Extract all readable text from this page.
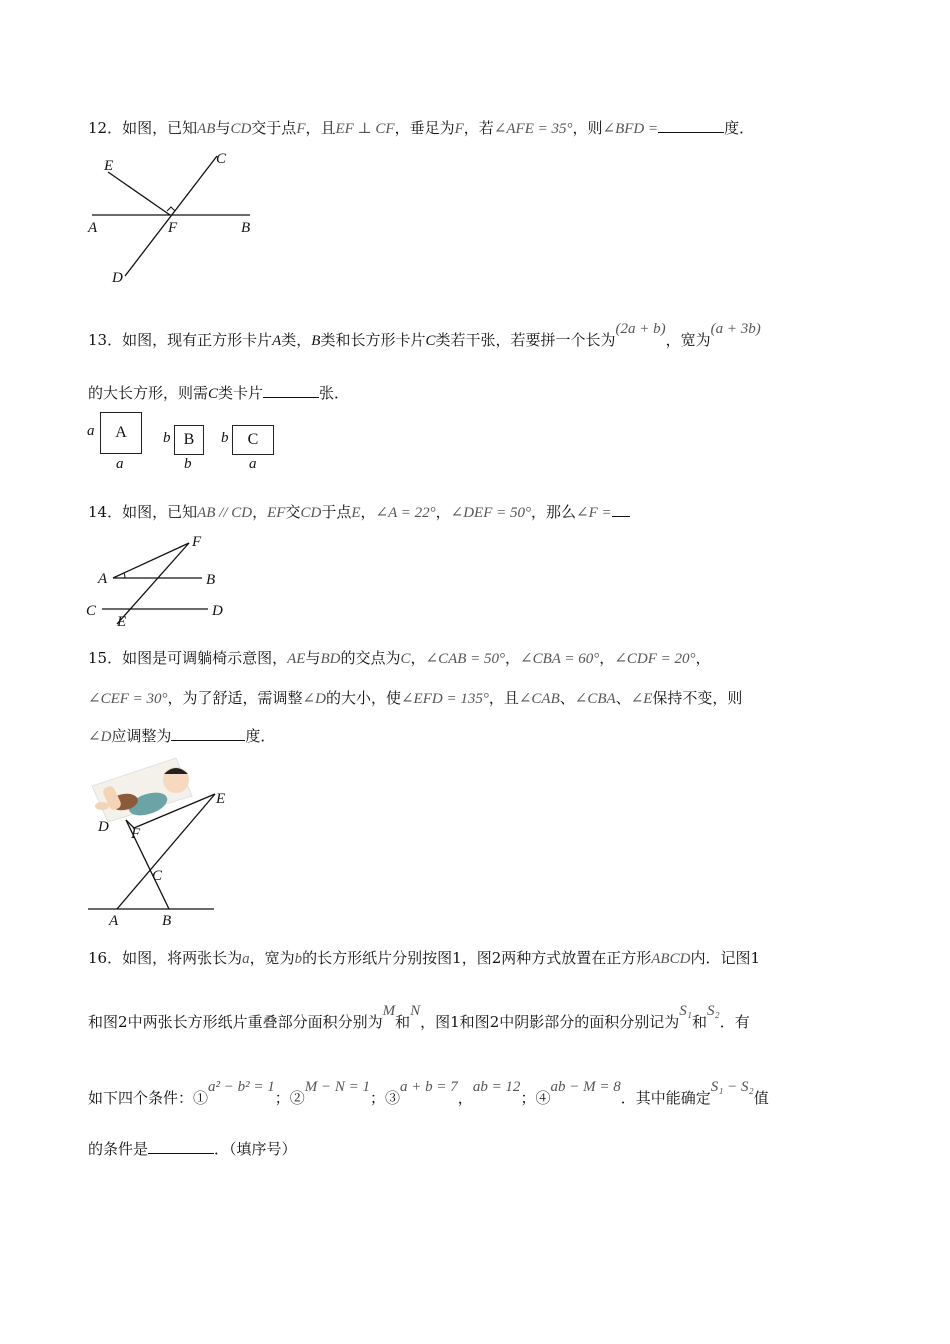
12．如图，已知AB与CD交于点F，且EF ⊥ CF，垂足为F，若∠AFE = 35°，则∠BFD =	度．
E	C
A	F	B
D
13．如图，现有正方形卡片A类，B类和长方形卡片C类若干张，若要拼一个长为(2a + b)，宽为(a + 3b)
的大长方形，则需C类卡片	张．
a	A
a
b B
b
b	C
a
14．如图，已知AB // CD，EF交CD于点E，∠A = 22°，∠DEF = 50°，那么∠F =
F
A	B
C	D
E
15．如图是可调躺椅示意图，AE与BD的交点为C，∠CAB = 50°，∠CBA = 60°，∠CDF = 20°，
∠CEF = 30°，为了舒适，需调整∠D的大小，使∠EFD = 135°，且∠CAB、∠CBA、∠E保持不变，则
∠D应调整为	度．
E
D F
C
A	B
16．如图，将两张长为a，宽为b的长方形纸片分别按图1，图2两种方式放置在正方形ABCD内．记图1
和图2中两张长方形纸片重叠部分面积分别为M和N，图1和图2中阴影部分的面积分别记为S₁和S₂．有
如下四个条件：①a² − b² = 1；②M − N = 1；③a + b = 7，ab = 12；④ab − M = 8．其中能确定S₁ − S₂值
的条件是	．（填序号）
